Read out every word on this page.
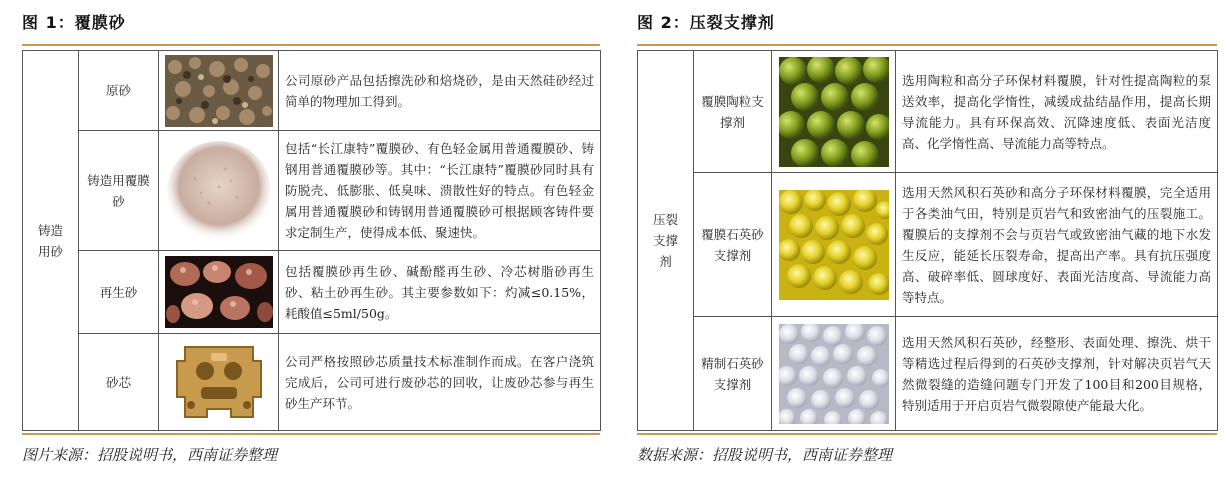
图 1：覆膜砂
铸造用砂	原砂		公司原砂产品包括擦洗砂和焙烧砂，是由天然硅砂经过简单的物理加工得到。
	铸造用覆膜砂		包括“长江康特”覆膜砂、有色轻金属用普通覆膜砂、铸钢用普通覆膜砂等。其中：“长江康特”覆膜砂同时具有防脱壳、低膨胀、低臭味、溃散性好的特点。有色轻金属用普通覆膜砂和铸钢用普通覆膜砂可根据顾客铸件要求定制生产，使得成本低、聚速快。
	再生砂		包括覆膜砂再生砂、碱酚醛再生砂、冷芯树脂砂再生砂、粘土砂再生砂。其主要参数如下：灼减≤0.15%，耗酸值≤5ml/50g。
	砂芯		公司严格按照砂芯质量技术标准制作而成。在客户浇筑完成后，公司可进行废砂芯的回收，让废砂芯参与再生砂生产环节。
图片来源：招股说明书，西南证券整理
图 2：压裂支撑剂
压裂支撑剂	覆膜陶粒支撑剂		选用陶粒和高分子环保材料覆膜，针对性提高陶粒的泵送效率，提高化学惰性，减缓成盐结晶作用，提高长期导流能力。具有环保高效、沉降速度低、表面光洁度高、化学惰性高、导流能力高等特点。
	覆膜石英砂支撑剂		选用天然风积石英砂和高分子环保材料覆膜，完全适用于各类油气田，特别是页岩气和致密油气的压裂施工。覆膜后的支撑剂不会与页岩气或致密油气藏的地下水发生反应，能延长压裂寿命，提高出产率。具有抗压强度高、破碎率低、圆球度好、表面光洁度高、导流能力高等特点。
	精制石英砂支撑剂		选用天然风积石英砂，经整形、表面处理、擦洗、烘干等精选过程后得到的石英砂支撑剂，针对解决页岩气天然微裂缝的造缝问题专门开发了100目和200目规格，特别适用于开启页岩气微裂隙使产能最大化。
数据来源：招股说明书，西南证券整理
